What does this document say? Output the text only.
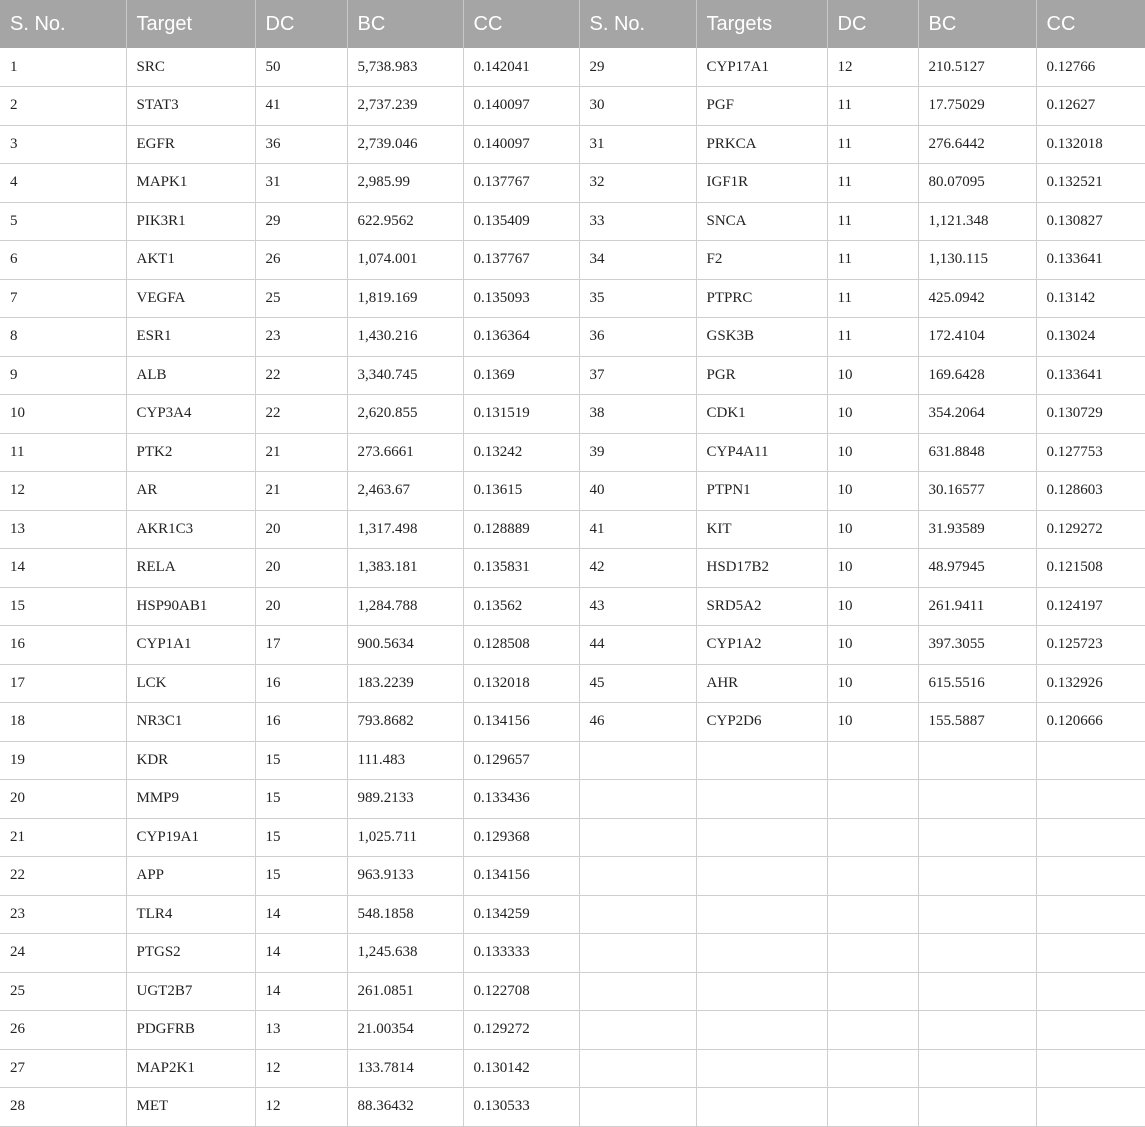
S. No.	Target	DC	BC	CC	S. No.	Targets	DC	BC	CC
1	SRC	50	5,738.983	0.142041	29	CYP17A1	12	210.5127	0.12766
2	STAT3	41	2,737.239	0.140097	30	PGF	11	17.75029	0.12627
3	EGFR	36	2,739.046	0.140097	31	PRKCA	11	276.6442	0.132018
4	MAPK1	31	2,985.99	0.137767	32	IGF1R	11	80.07095	0.132521
5	PIK3R1	29	622.9562	0.135409	33	SNCA	11	1,121.348	0.130827
6	AKT1	26	1,074.001	0.137767	34	F2	11	1,130.115	0.133641
7	VEGFA	25	1,819.169	0.135093	35	PTPRC	11	425.0942	0.13142
8	ESR1	23	1,430.216	0.136364	36	GSK3B	11	172.4104	0.13024
9	ALB	22	3,340.745	0.1369	37	PGR	10	169.6428	0.133641
10	CYP3A4	22	2,620.855	0.131519	38	CDK1	10	354.2064	0.130729
11	PTK2	21	273.6661	0.13242	39	CYP4A11	10	631.8848	0.127753
12	AR	21	2,463.67	0.13615	40	PTPN1	10	30.16577	0.128603
13	AKR1C3	20	1,317.498	0.128889	41	KIT	10	31.93589	0.129272
14	RELA	20	1,383.181	0.135831	42	HSD17B2	10	48.97945	0.121508
15	HSP90AB1	20	1,284.788	0.13562	43	SRD5A2	10	261.9411	0.124197
16	CYP1A1	17	900.5634	0.128508	44	CYP1A2	10	397.3055	0.125723
17	LCK	16	183.2239	0.132018	45	AHR	10	615.5516	0.132926
18	NR3C1	16	793.8682	0.134156	46	CYP2D6	10	155.5887	0.120666
19	KDR	15	111.483	0.129657					
20	MMP9	15	989.2133	0.133436					
21	CYP19A1	15	1,025.711	0.129368					
22	APP	15	963.9133	0.134156					
23	TLR4	14	548.1858	0.134259					
24	PTGS2	14	1,245.638	0.133333					
25	UGT2B7	14	261.0851	0.122708					
26	PDGFRB	13	21.00354	0.129272					
27	MAP2K1	12	133.7814	0.130142					
28	MET	12	88.36432	0.130533					
